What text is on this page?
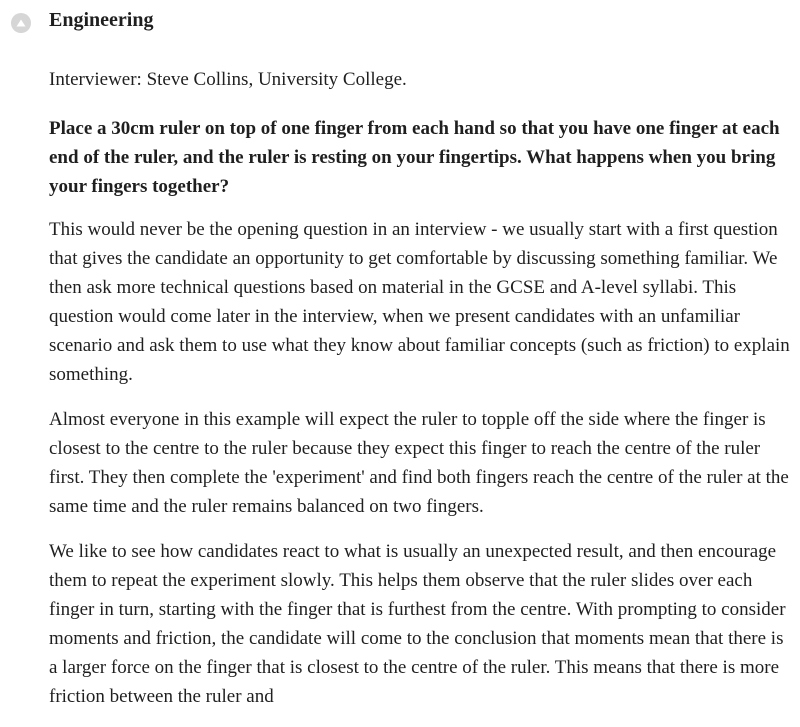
Engineering

Interviewer: Steve Collins, University College.

Place a 30cm ruler on top of one finger from each hand so that you have one finger at each end of the ruler, and the ruler is resting on your fingertips. What happens when you bring your fingers together?

This would never be the opening question in an interview - we usually start with a first question that gives the candidate an opportunity to get comfortable by discussing something familiar. We then ask more technical questions based on material in the GCSE and A-level syllabi. This question would come later in the interview, when we present candidates with an unfamiliar scenario and ask them to use what they know about familiar concepts (such as friction) to explain something.

Almost everyone in this example will expect the ruler to topple off the side where the finger is closest to the centre to the ruler because they expect this finger to reach the centre of the ruler first. They then complete the 'experiment' and find both fingers reach the centre of the ruler at the same time and the ruler remains balanced on two fingers.

We like to see how candidates react to what is usually an unexpected result, and then encourage them to repeat the experiment slowly. This helps them observe that the ruler slides over each finger in turn, starting with the finger that is furthest from the centre. With prompting to consider moments and friction, the candidate will come to the conclusion that moments mean that there is a larger force on the finger that is closest to the centre of the ruler. This means that there is more friction between the ruler and
